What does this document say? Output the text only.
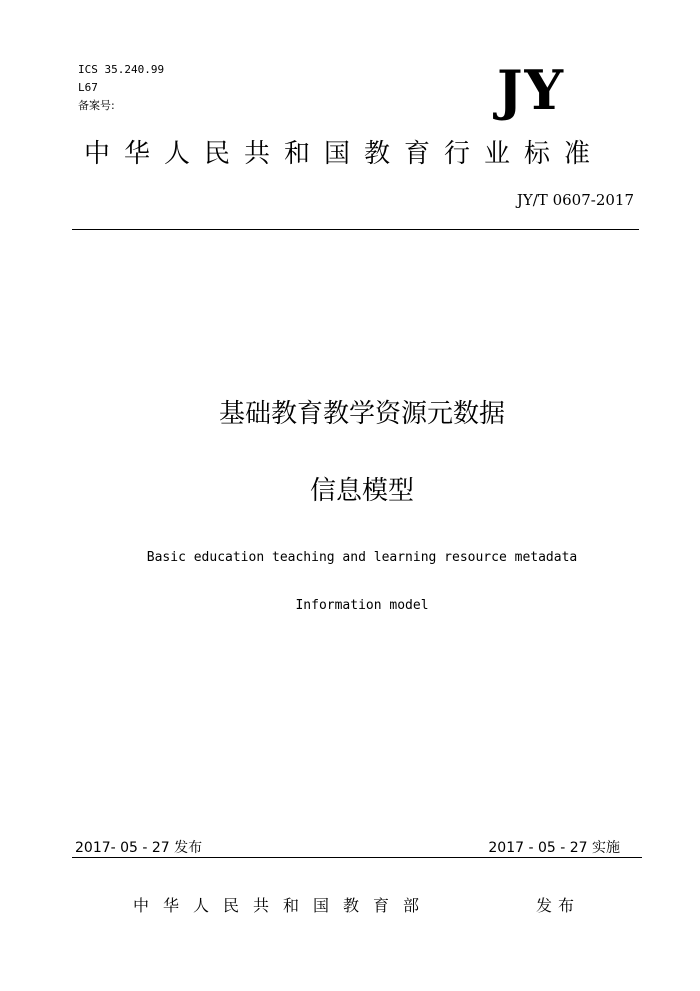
ICS 35.240.99
L67
备案号:	JY
中华人民共和国教育行业标准
JY/T 0607-2017
基础教育教学资源元数据
信息模型
Basic education teaching and learning resource metadata
Information model
2017- 05 - 27 发布	2017 - 05 - 27 实施
中华人民共和国教育部	发布
